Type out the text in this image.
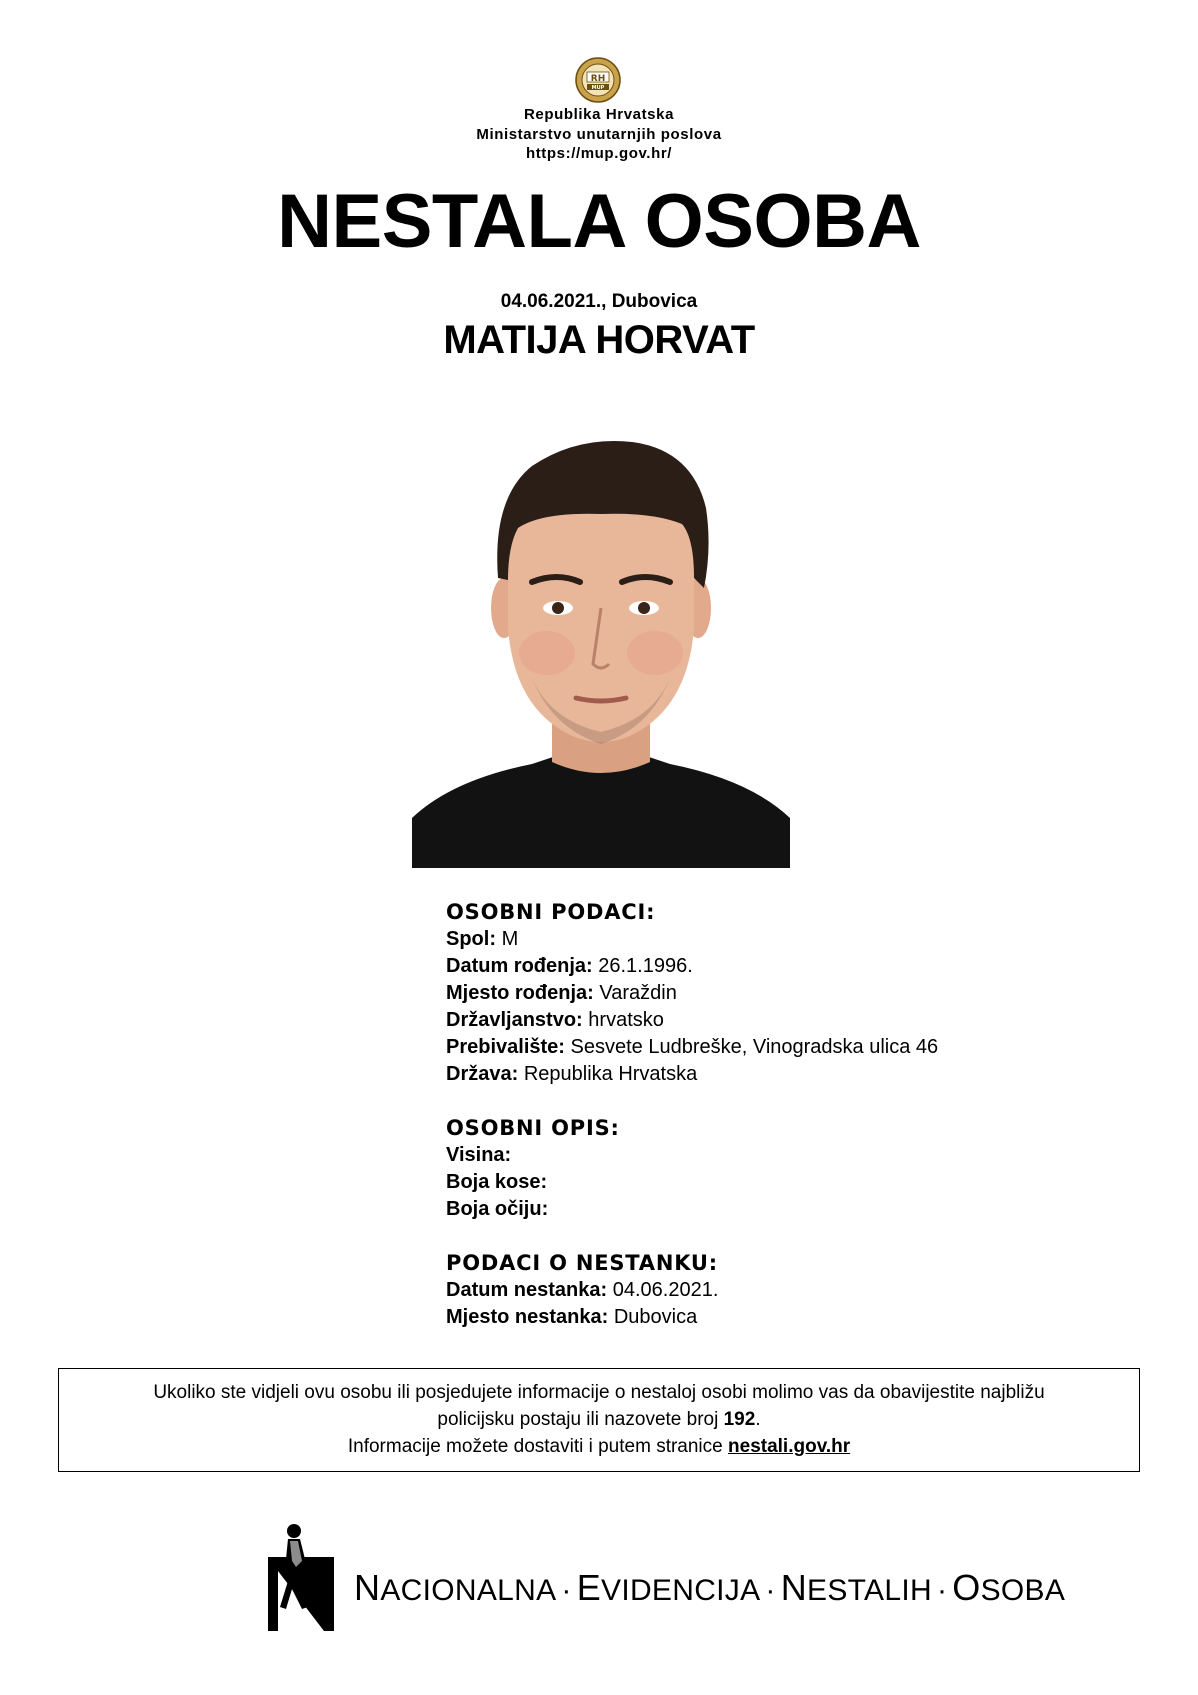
RH
MUP
Republika Hrvatska
Ministarstvo unutarnjih poslova
https://mup.gov.hr/
NESTALA OSOBA
04.06.2021., Dubovica
MATIJA HORVAT

OSOBNI PODACI:

Spol: M

Datum rođenja: 26.1.1996.

Mjesto rođenja: Varaždin

Državljanstvo: hrvatsko

Prebivalište: Sesvete Ludbreške, Vinogradska ulica 46

Država: Republika Hrvatska

OSOBNI OPIS:

Visina:

Boja kose:

Boja očiju:

PODACI O NESTANKU:

Datum nestanka: 04.06.2021.

Mjesto nestanka: Dubovica

Ukoliko ste vidjeli ovu osobu ili posjedujete informacije o nestaloj osobi molimo vas da obavijestite najbližu

policijsku postaju ili nazovete broj 192.

Informacije možete dostaviti i putem stranice nestali.gov.hr

NACIONALNA · EVIDENCIJA · NESTALIH · OSOBA
